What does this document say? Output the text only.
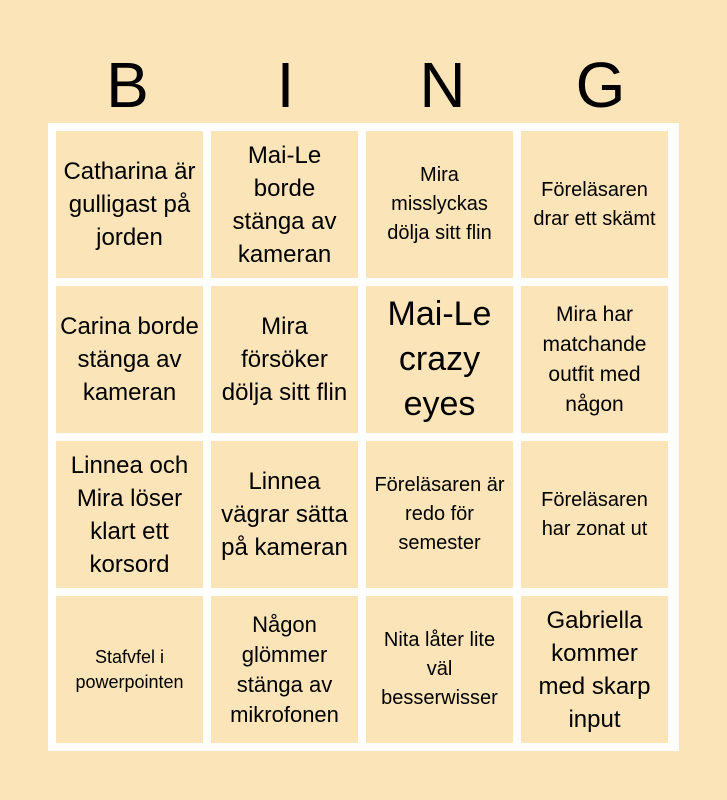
B	I	N	G
Catharina är gulligast på jorden
Mai-Le borde stänga av kameran
Mira misslyckas dölja sitt flin
Föreläsaren drar ett skämt
Carina borde stänga av kameran
Mira försöker dölja sitt flin
Mai-Le crazy eyes
Mira har matchande outfit med någon
Linnea och Mira löser klart ett korsord
Linnea vägrar sätta på kameran
Föreläsaren är redo för semester
Föreläsaren har zonat ut
Stafvfel i powerpointen
Någon glömmer stänga av mikrofonen
Nita låter lite väl besserwisser
Gabriella kommer med skarp input
